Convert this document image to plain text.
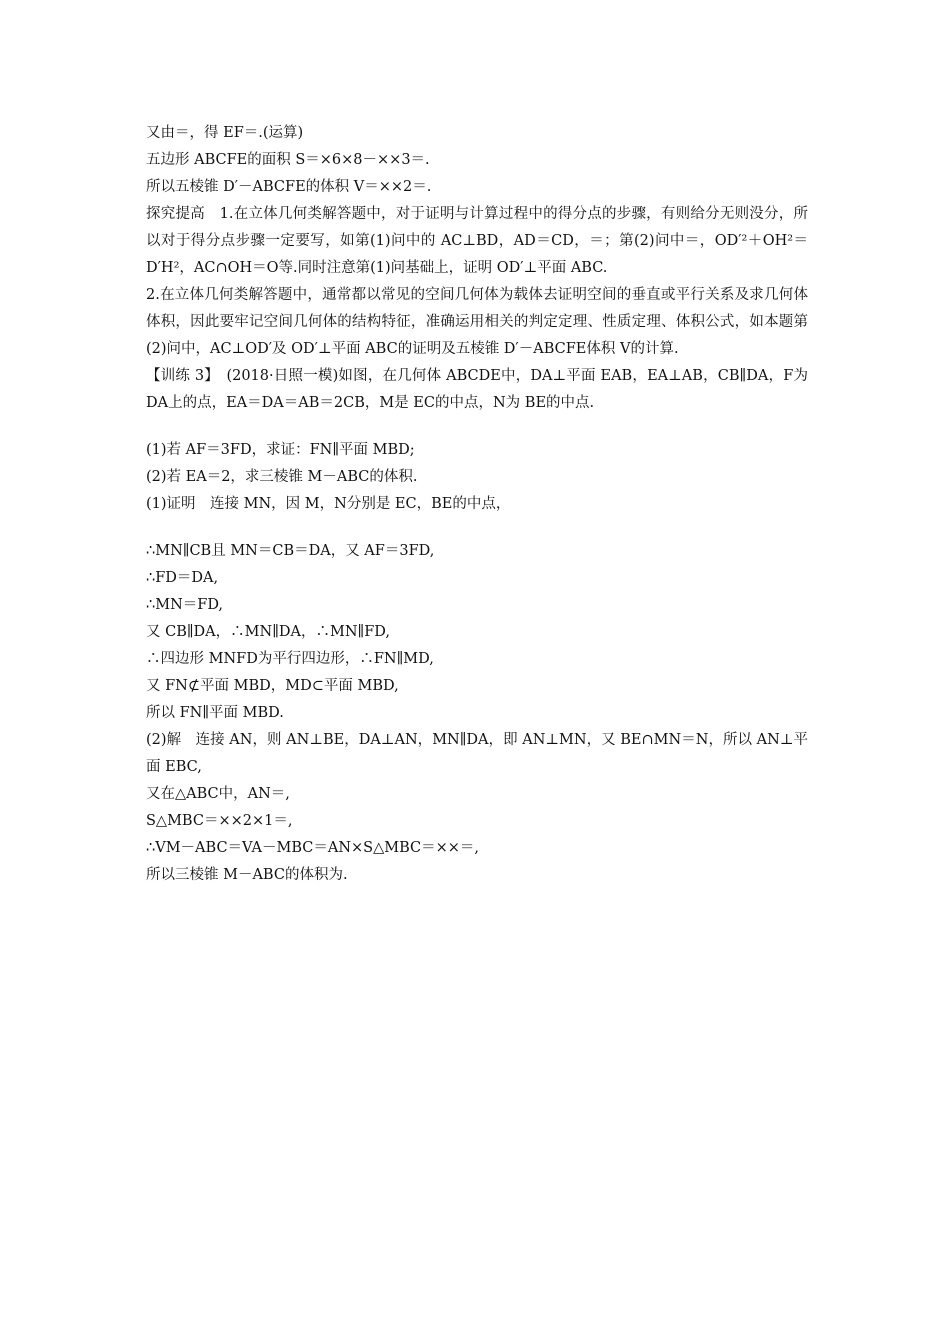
又由＝，得 EF＝.(运算)
五边形 ABCFE的面积 S＝×6×8－××3＝.
所以五棱锥 D′－ABCFE的体积 V＝××2＝.
探究提高　1.在立体几何类解答题中，对于证明与计算过程中的得分点的步骤，有则给分无则没分，所以对于得分点步骤一定要写，如第(1)问中的 AC⊥BD，AD＝CD，＝；第(2)问中＝，OD′²＋OH²＝D′H²，AC∩OH＝O等.同时注意第(1)问基础上，证明 OD′⊥平面 ABC.
2.在立体几何类解答题中，通常都以常见的空间几何体为载体去证明空间的垂直或平行关系及求几何体体积，因此要牢记空间几何体的结构特征，准确运用相关的判定定理、性质定理、体积公式，如本题第(2)问中，AC⊥OD′及 OD′⊥平面 ABC的证明及五棱锥 D′－ABCFE体积 V的计算.
【训练 3】　(2018·日照一模)如图，在几何体 ABCDE中，DA⊥平面 EAB，EA⊥AB，CB∥DA，F为 DA上的点，EA＝DA＝AB＝2CB，M是 EC的中点，N为 BE的中点.
(1)若 AF＝3FD，求证：FN∥平面 MBD;
(2)若 EA＝2，求三棱锥 M－ABC的体积.
(1)证明　连接 MN，因 M，N分别是 EC，BE的中点，
∴MN∥CB且 MN＝CB＝DA，又 AF＝3FD,
∴FD＝DA,
∴MN＝FD,
又 CB∥DA，∴MN∥DA，∴MN∥FD,
∴四边形 MNFD为平行四边形，∴FN∥MD,
又 FN⊄平面 MBD，MD⊂平面 MBD,
所以 FN∥平面 MBD.
(2)解　连接 AN，则 AN⊥BE，DA⊥AN，MN∥DA，即 AN⊥MN，又 BE∩MN＝N，所以 AN⊥平面 EBC,
又在△ABC中，AN＝,
S△MBC＝××2×1＝,
∴VM－ABC＝VA－MBC＝AN×S△MBC＝××＝,
所以三棱锥 M－ABC的体积为.
